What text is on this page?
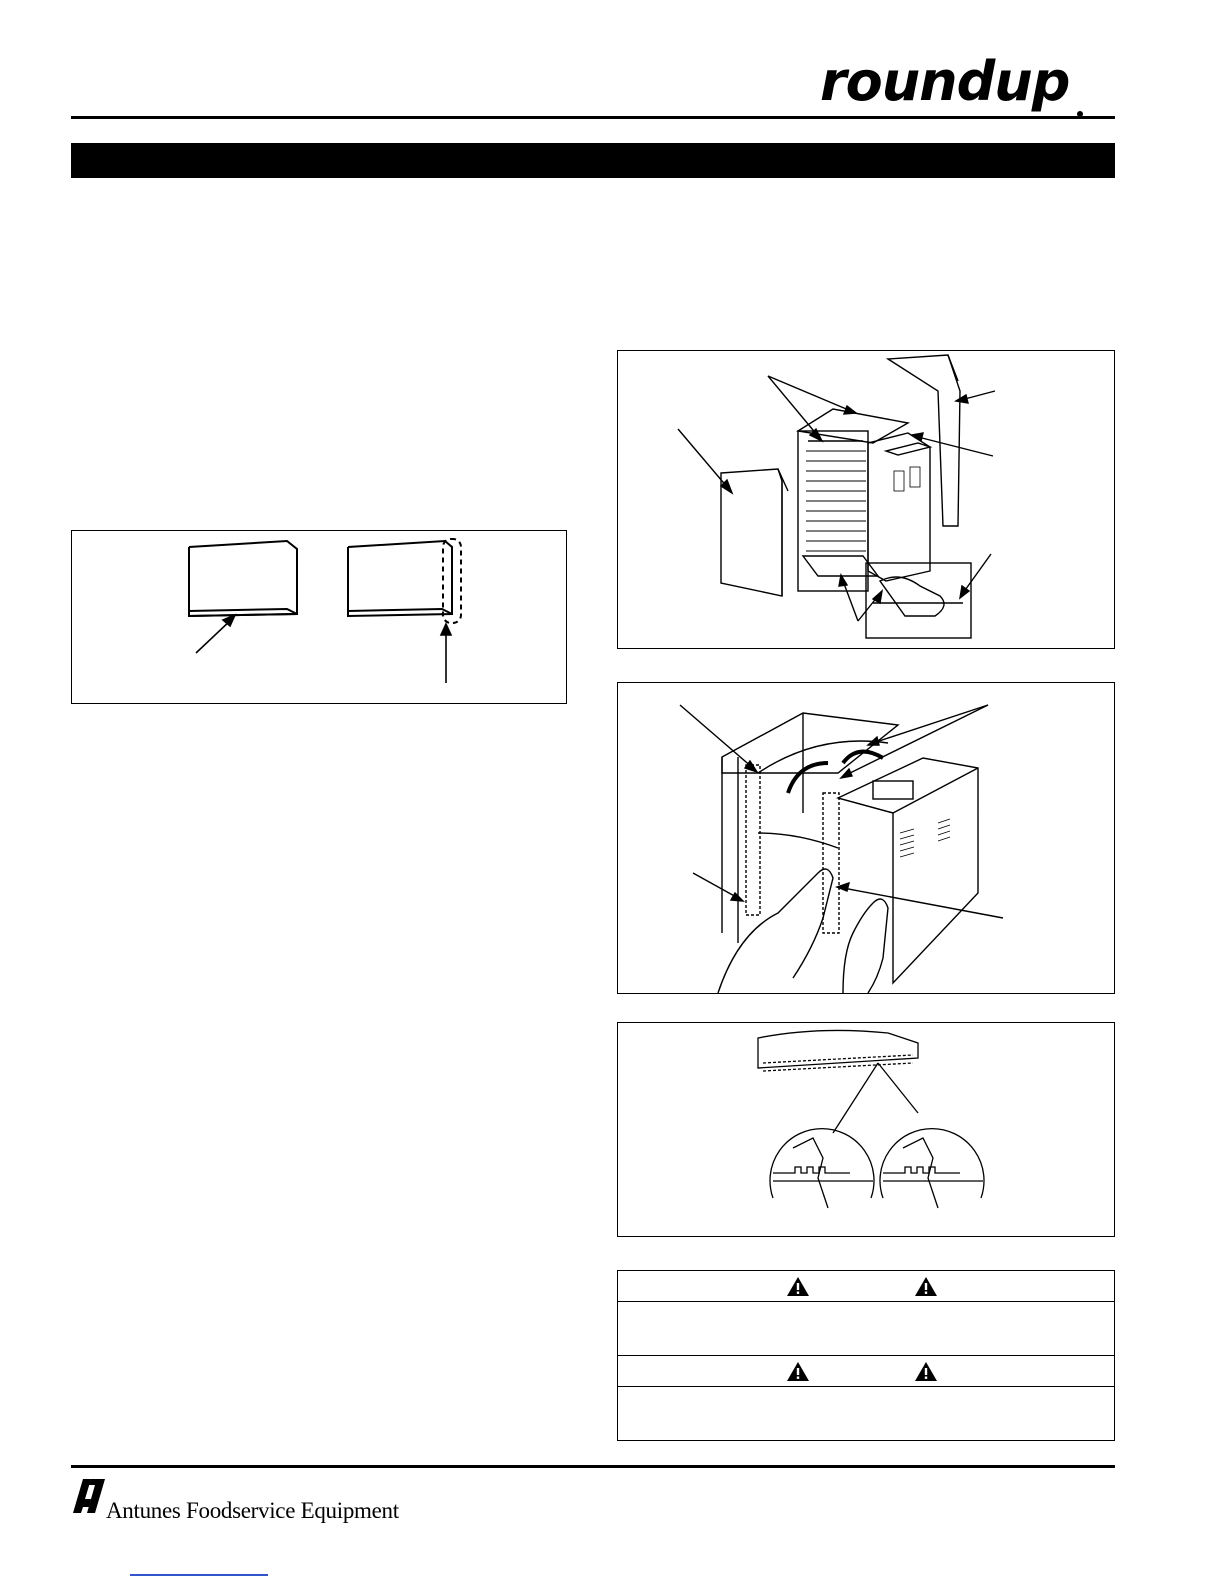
roundup
Antunes Foodservice Equipment
